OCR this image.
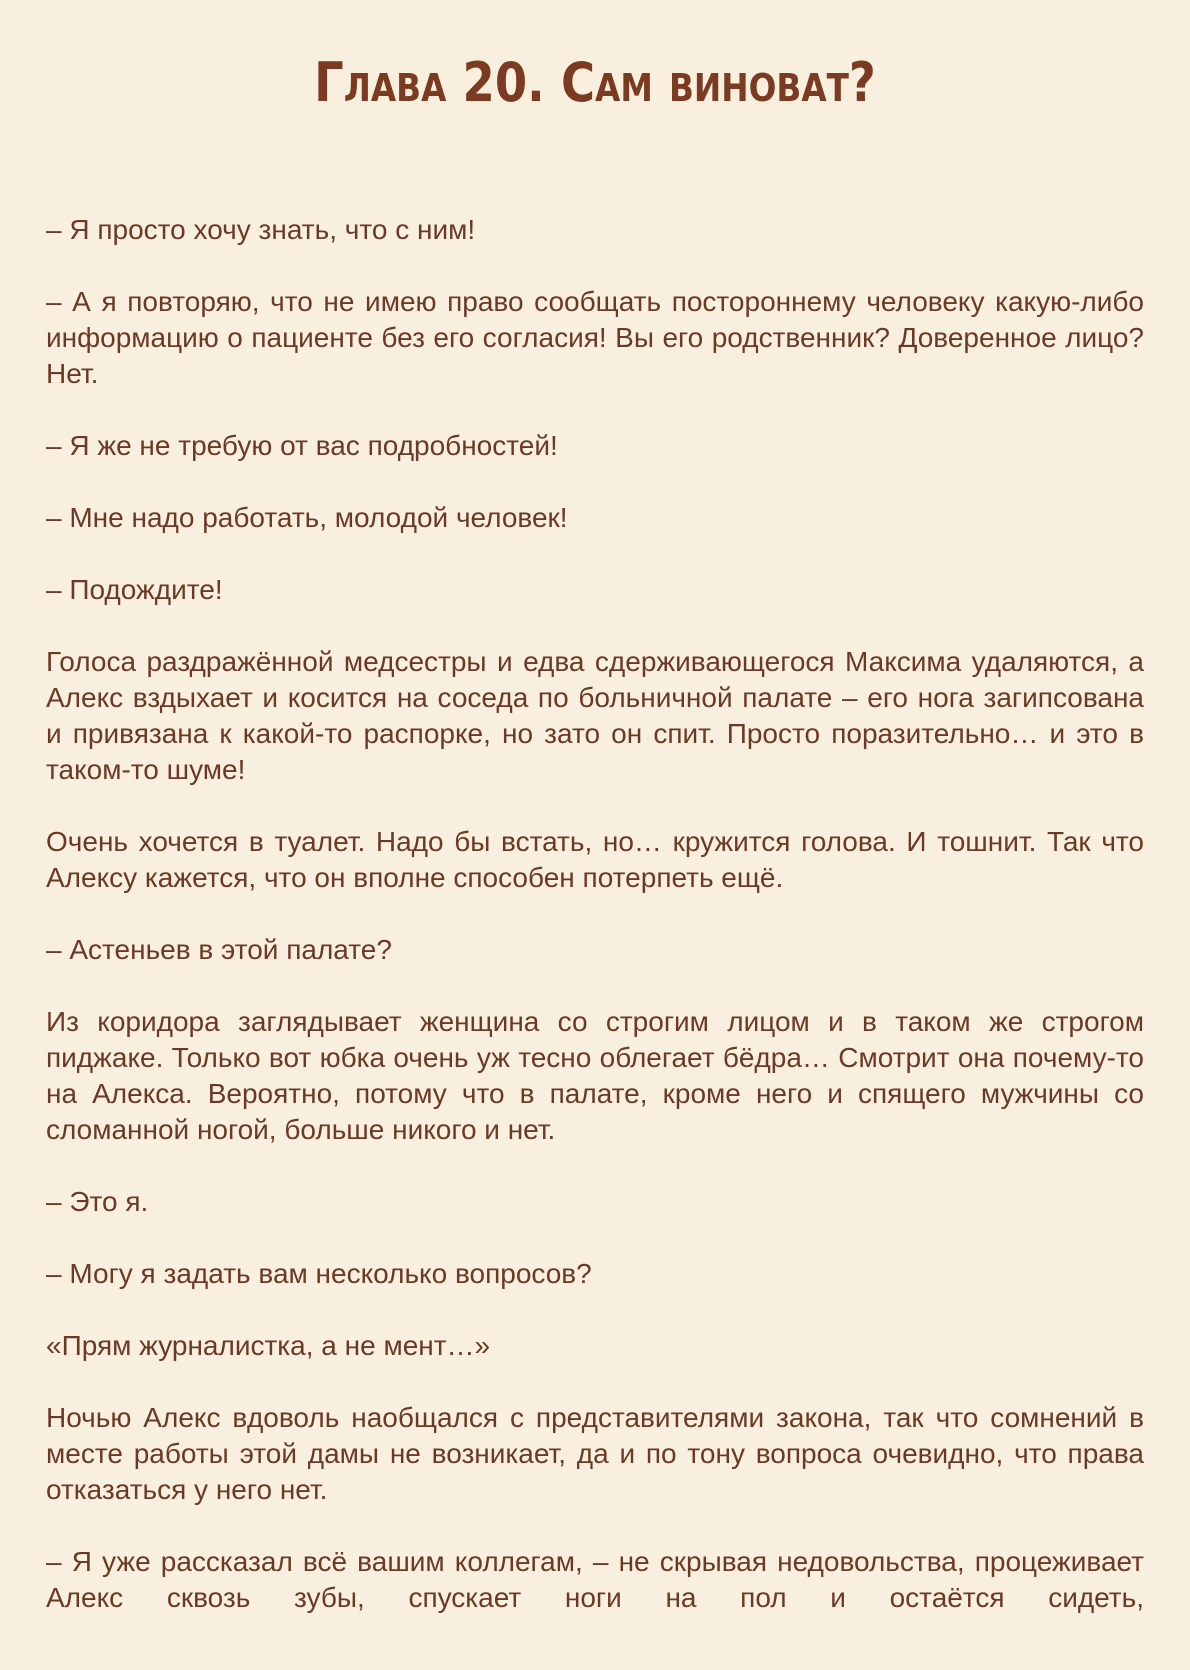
Глава 20. Сам виноват?

– Я просто хочу знать, что с ним!

– А я повторяю, что не имею право сообщать постороннему человеку какую-либо информацию о пациенте без его согласия! Вы его родственник? Доверенное лицо? Нет.

– Я же не требую от вас подробностей!

– Мне надо работать, молодой человек!

– Подождите!

Голоса раздражённой медсестры и едва сдерживающегося Максима удаляются, а Алекс вздыхает и косится на соседа по больничной палате – его нога загипсована и привязана к какой-то распорке, но зато он спит. Просто поразительно… и это в таком-то шуме!

Очень хочется в туалет. Надо бы встать, но… кружится голова. И тошнит. Так что Алексу кажется, что он вполне способен потерпеть ещё.

– Астеньев в этой палате?

Из коридора заглядывает женщина со строгим лицом и в таком же строгом пиджаке. Только вот юбка очень уж тесно облегает бёдра… Смотрит она почему-то на Алекса. Вероятно, потому что в палате, кроме него и спящего мужчины со сломанной ногой, больше никого и нет.

– Это я.

– Могу я задать вам несколько вопросов?

«Прям журналистка, а не мент…»

Ночью Алекс вдоволь наобщался с представителями закона, так что сомнений в месте работы этой дамы не возникает, да и по тону вопроса очевидно, что права отказаться у него нет.

– Я уже рассказал всё вашим коллегам, – не скрывая недовольства, процеживает Алекс сквозь зубы, спускает ноги на пол и остаётся сидеть,
